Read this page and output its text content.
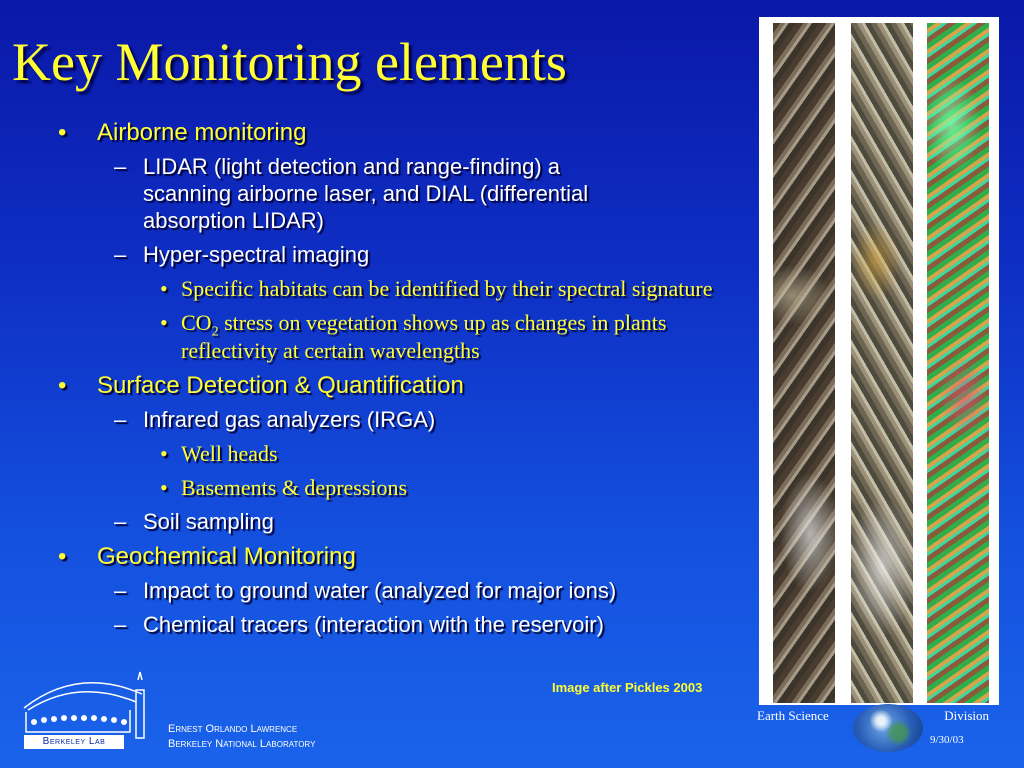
Key Monitoring elements
• Airborne monitoring
– LIDAR (light detection and range-finding) a scanning airborne laser, and DIAL (differential absorption LIDAR)
– Hyper-spectral imaging
• Specific habitats can be identified by their spectral signature
• $CO_2$ stress on vegetation shows up as changes in plants reflectivity at certain wavelengths
• Surface Detection & Quantification
– Infrared gas analyzers (IRGA)
• Well heads
• Basements & depressions
– Soil sampling
• Geochemical Monitoring
– Impact to ground water (analyzed for major ions)
– Chemical tracers (interaction with the reservoir)
Image after Pickles 2003
Berkeley Lab
Ernest Orlando Lawrence
Berkeley National Laboratory
Earth Science	Division
9/30/03
